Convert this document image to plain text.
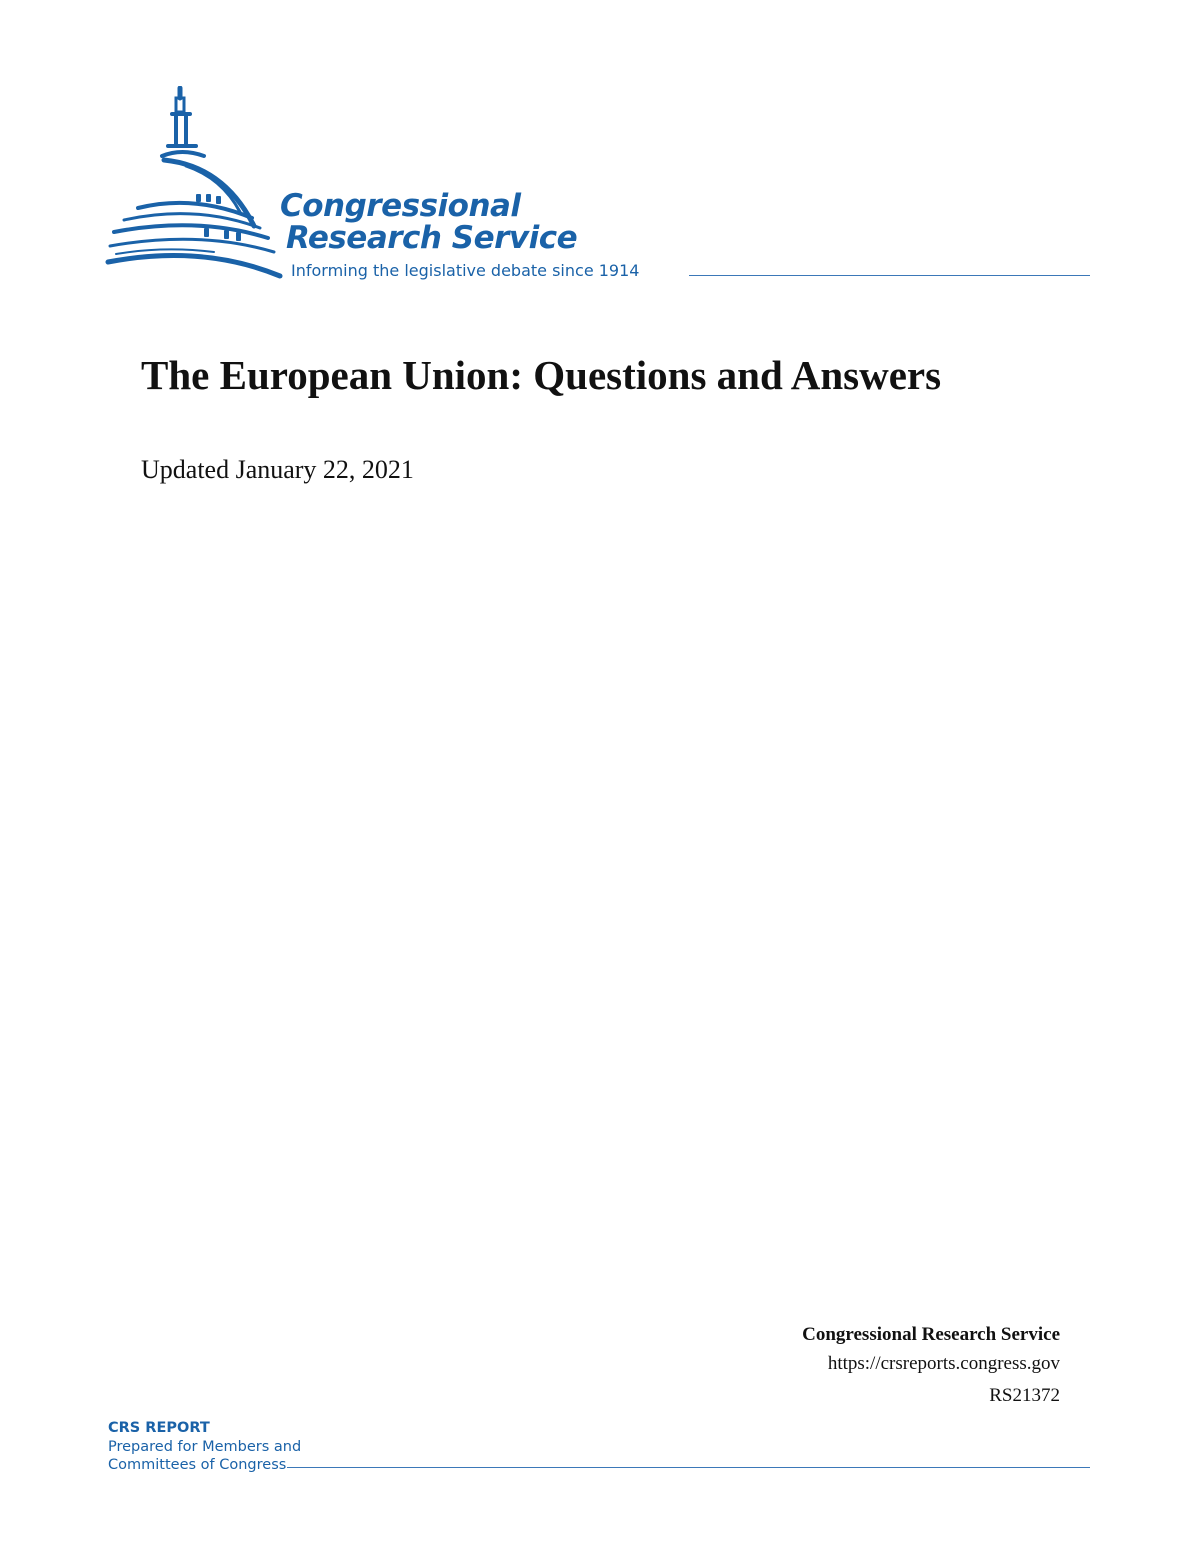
Congressional
Research Service
Informing the legislative debate since 1914
The European Union: Questions and Answers
Updated January 22, 2021
Congressional Research Service
https://crsreports.congress.gov
RS21372
CRS REPORT
Prepared for Members and
Committees of Congress
